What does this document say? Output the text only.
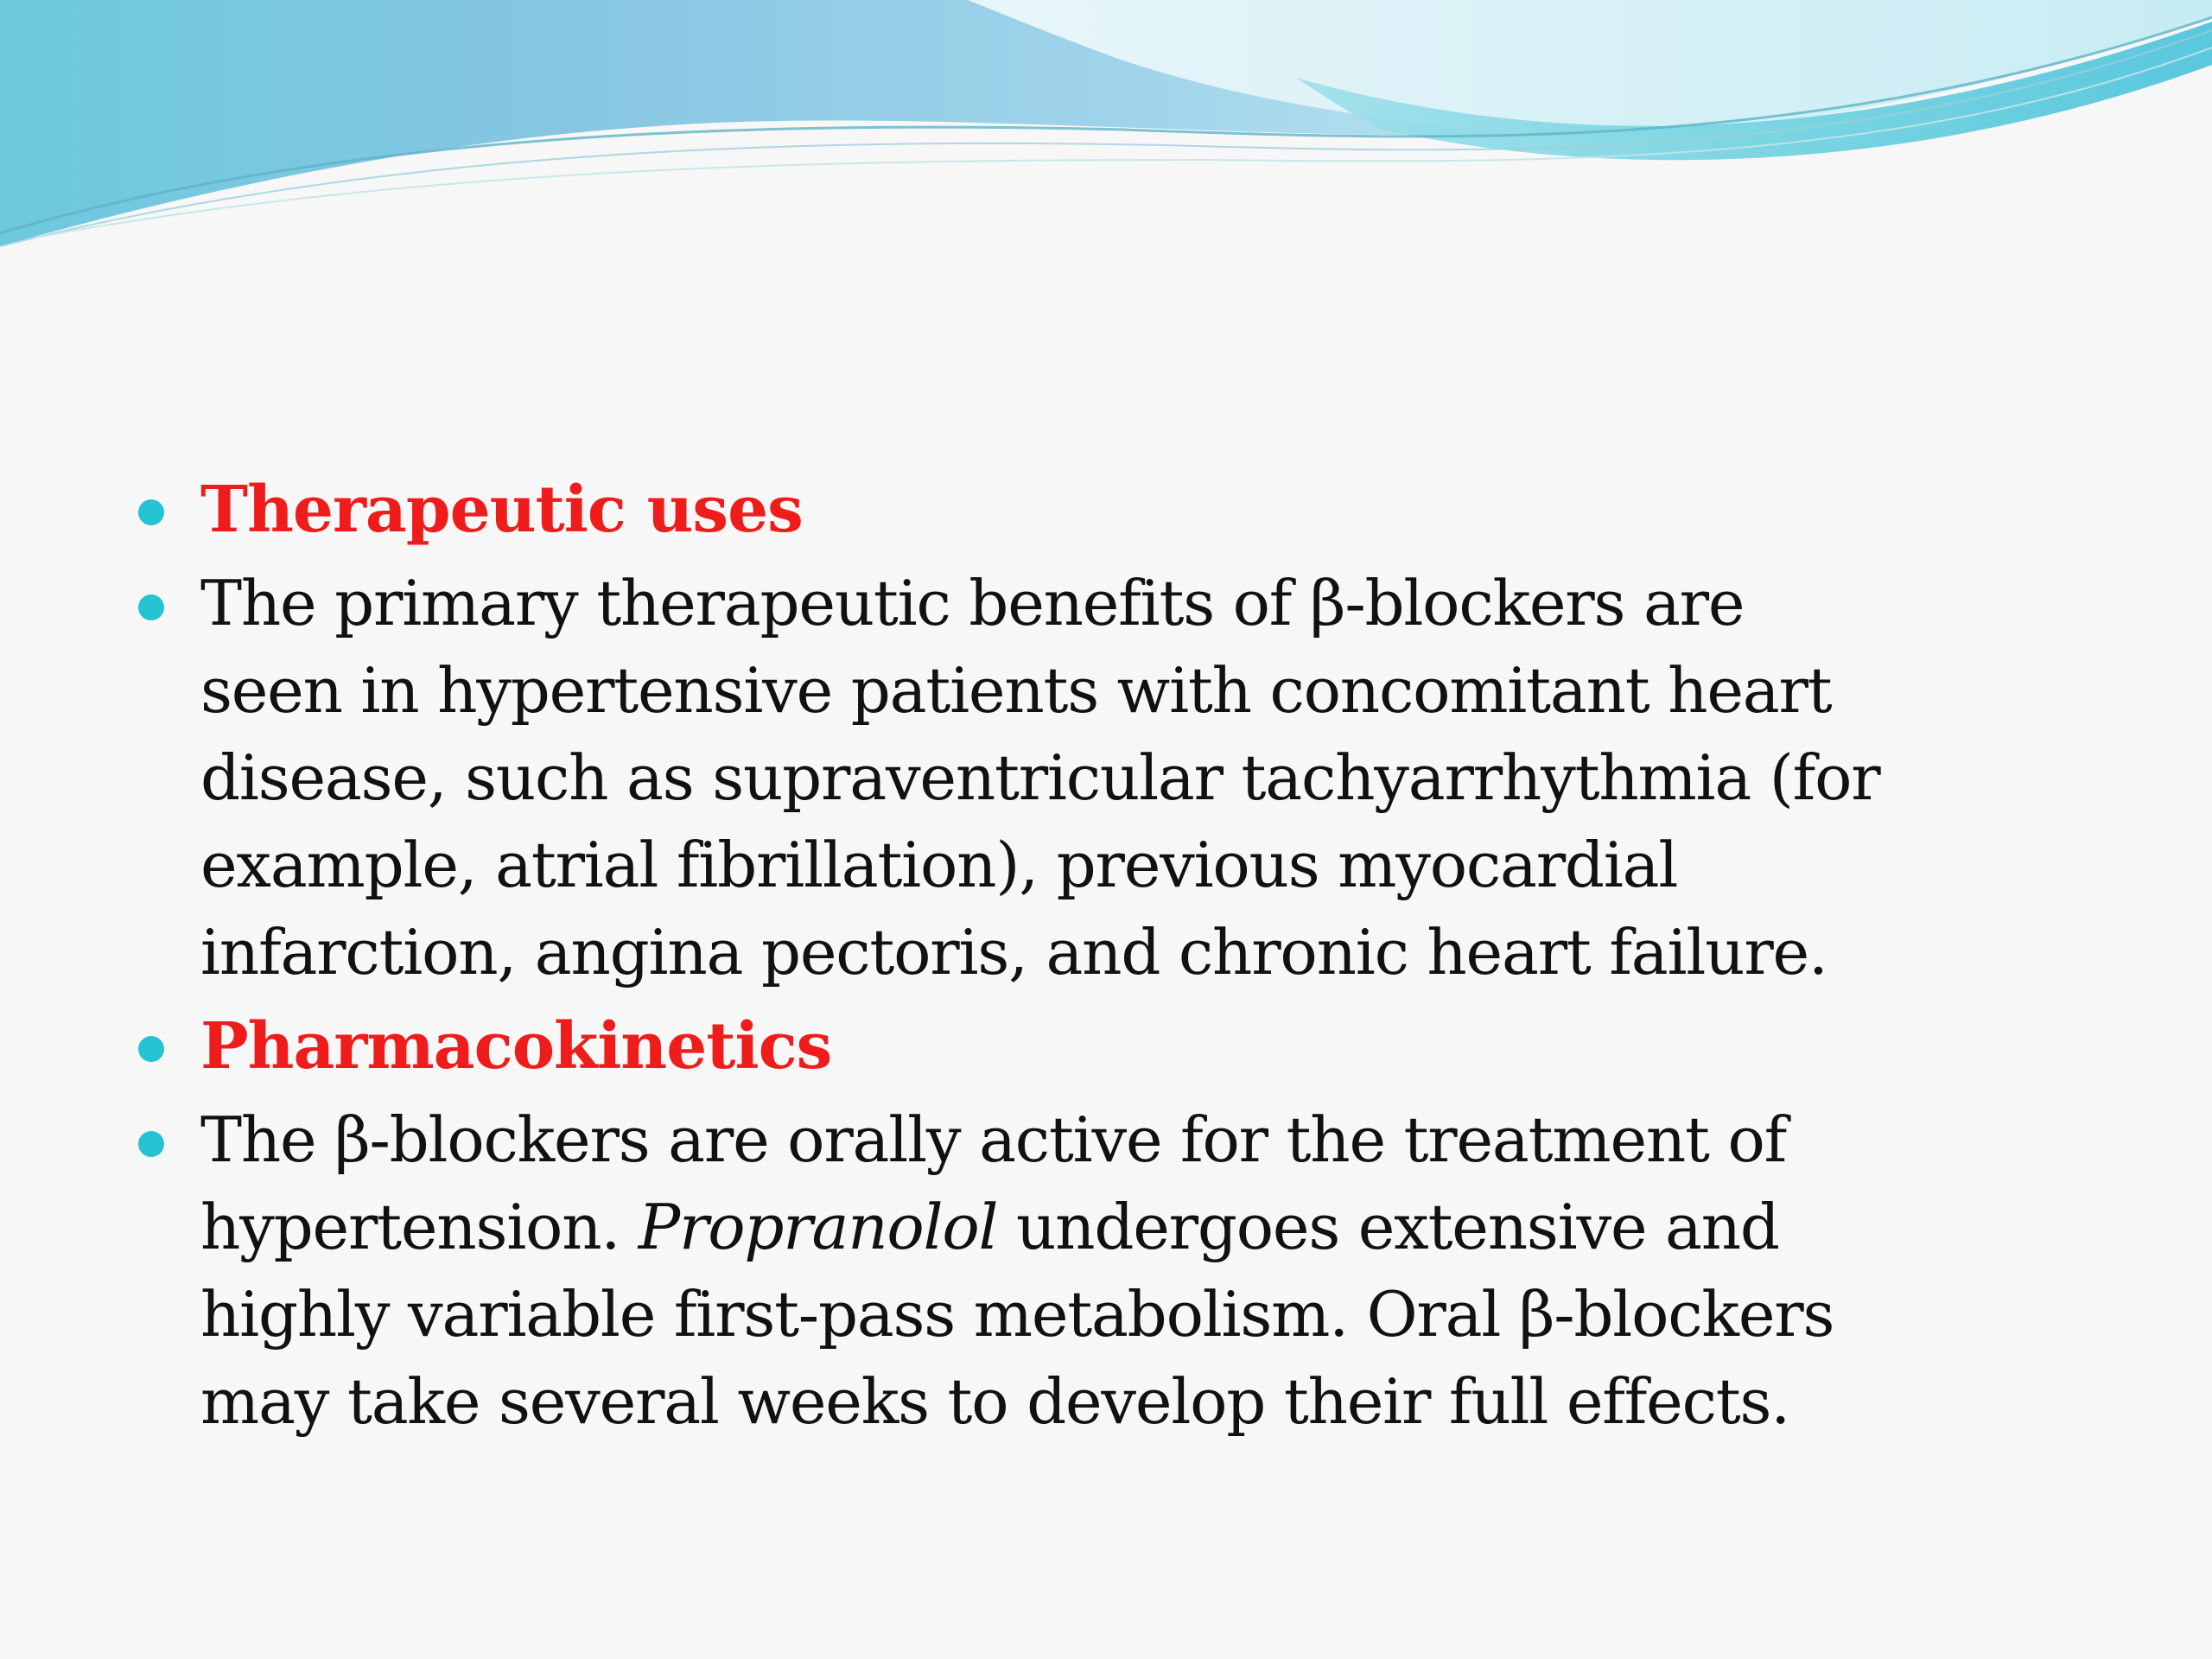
Therapeutic uses
The primary therapeutic benefits of β-blockers are
seen in hypertensive patients with concomitant heart
disease, such as supraventricular tachyarrhythmia (for
example, atrial fibrillation), previous myocardial
infarction, angina pectoris, and chronic heart failure.
Pharmacokinetics
The β-blockers are orally active for the treatment of
hypertension. Propranolol undergoes extensive and
highly variable first-pass metabolism. Oral β-blockers
may take several weeks to develop their full effects.
